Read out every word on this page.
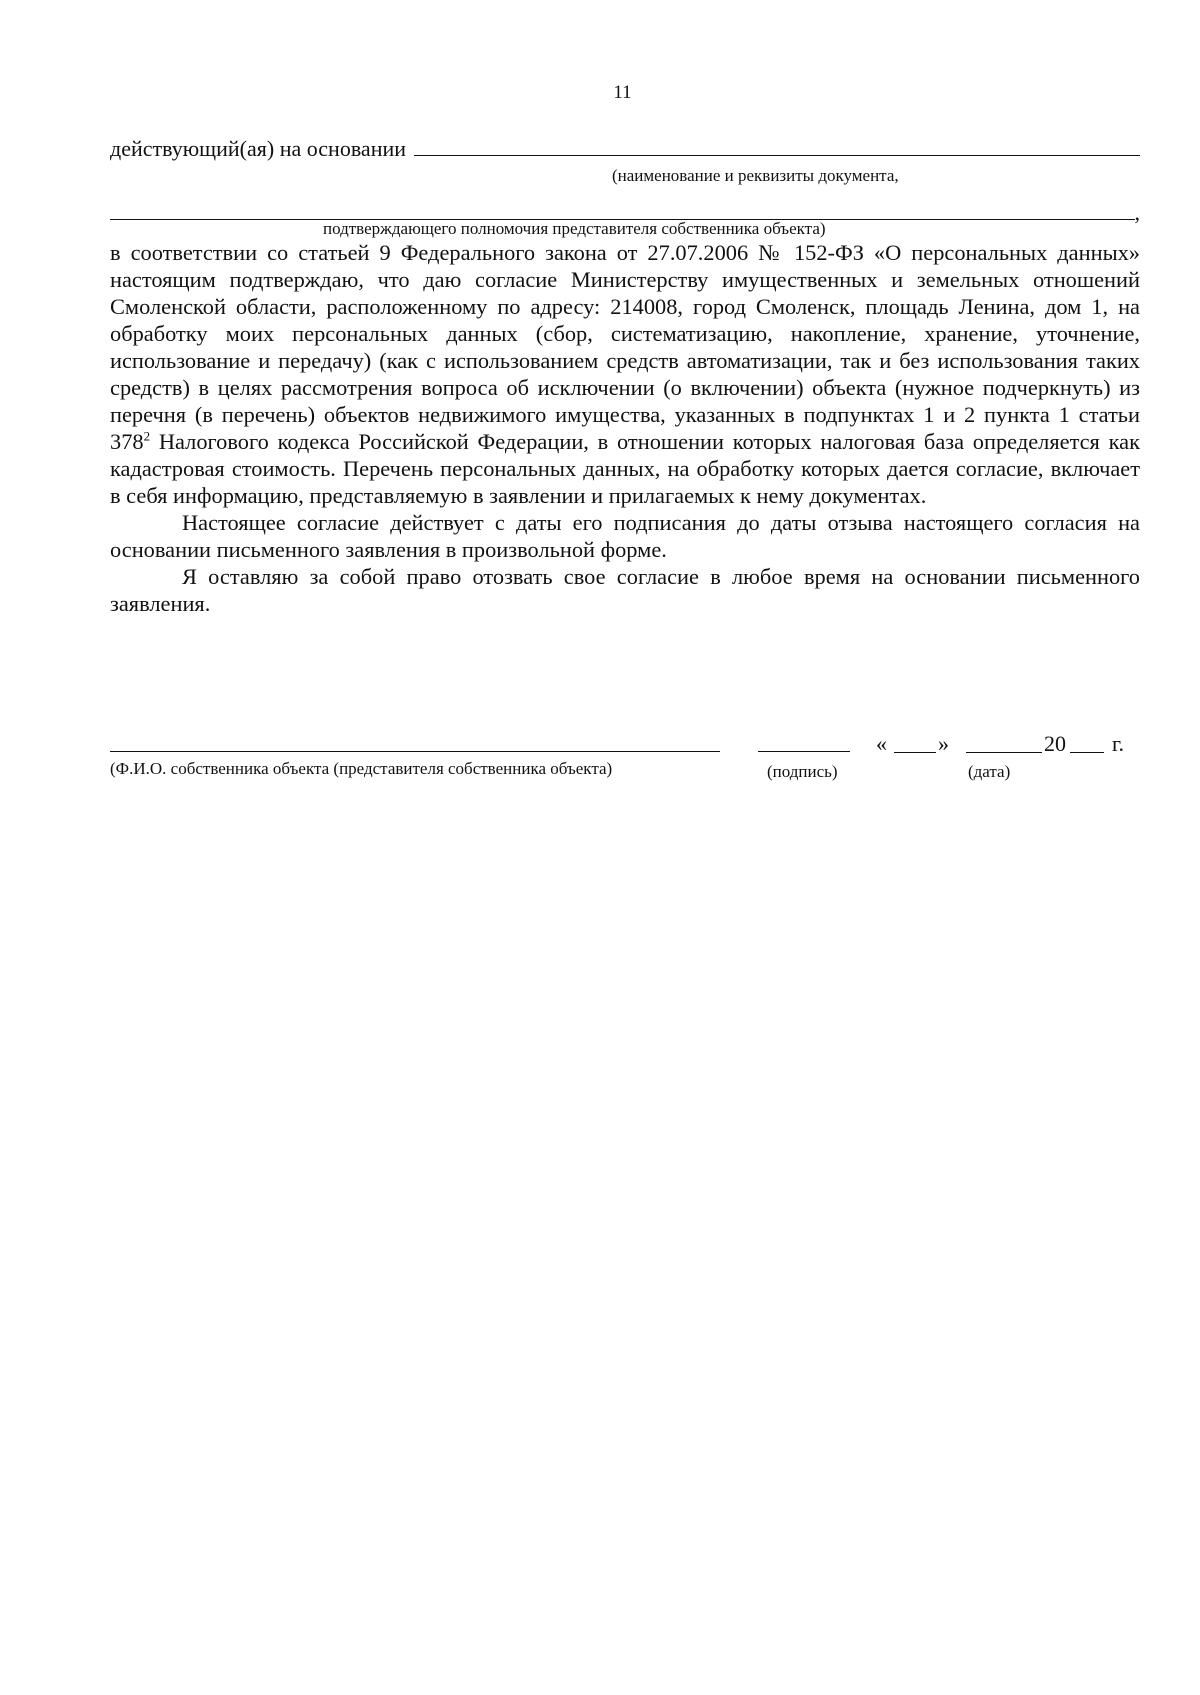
11
действующий(ая) на основании
(наименование и реквизиты документа,
,
подтверждающего полномочия представителя собственника объекта)

в соответствии со статьей 9 Федерального закона от 27.07.2006 № 152-ФЗ «О персональных данных» настоящим подтверждаю, что даю согласие Министерству имущественных и земельных отношений Смоленской области, расположенному по адресу: 214008, город Смоленск, площадь Ленина, дом 1, на обработку моих персональных данных (сбор, систематизацию, накопление, хранение, уточнение, использование и передачу) (как с использованием средств автоматизации, так и без использования таких средств) в целях рассмотрения вопроса об исключении (о включении) объекта (нужное подчеркнуть) из перечня (в перечень) объектов недвижимого имущества, указанных в подпунктах 1 и 2 пункта 1 статьи $378^2$ Налогового кодекса Российской Федерации, в отношении которых налоговая база определяется как кадастровая стоимость. Перечень персональных данных, на обработку которых дается согласие, включает в себя информацию, представляемую в заявлении и прилагаемых к нему документах.

Настоящее согласие действует с даты его подписания до даты отзыва настоящего согласия на основании письменного заявления в произвольной форме.

Я оставляю за собой право отозвать свое согласие в любое время на основании письменного заявления.

(Ф.И.О. собственника объекта (представителя собственника объекта)	(подпись)
« »	20 г.
(дата)
